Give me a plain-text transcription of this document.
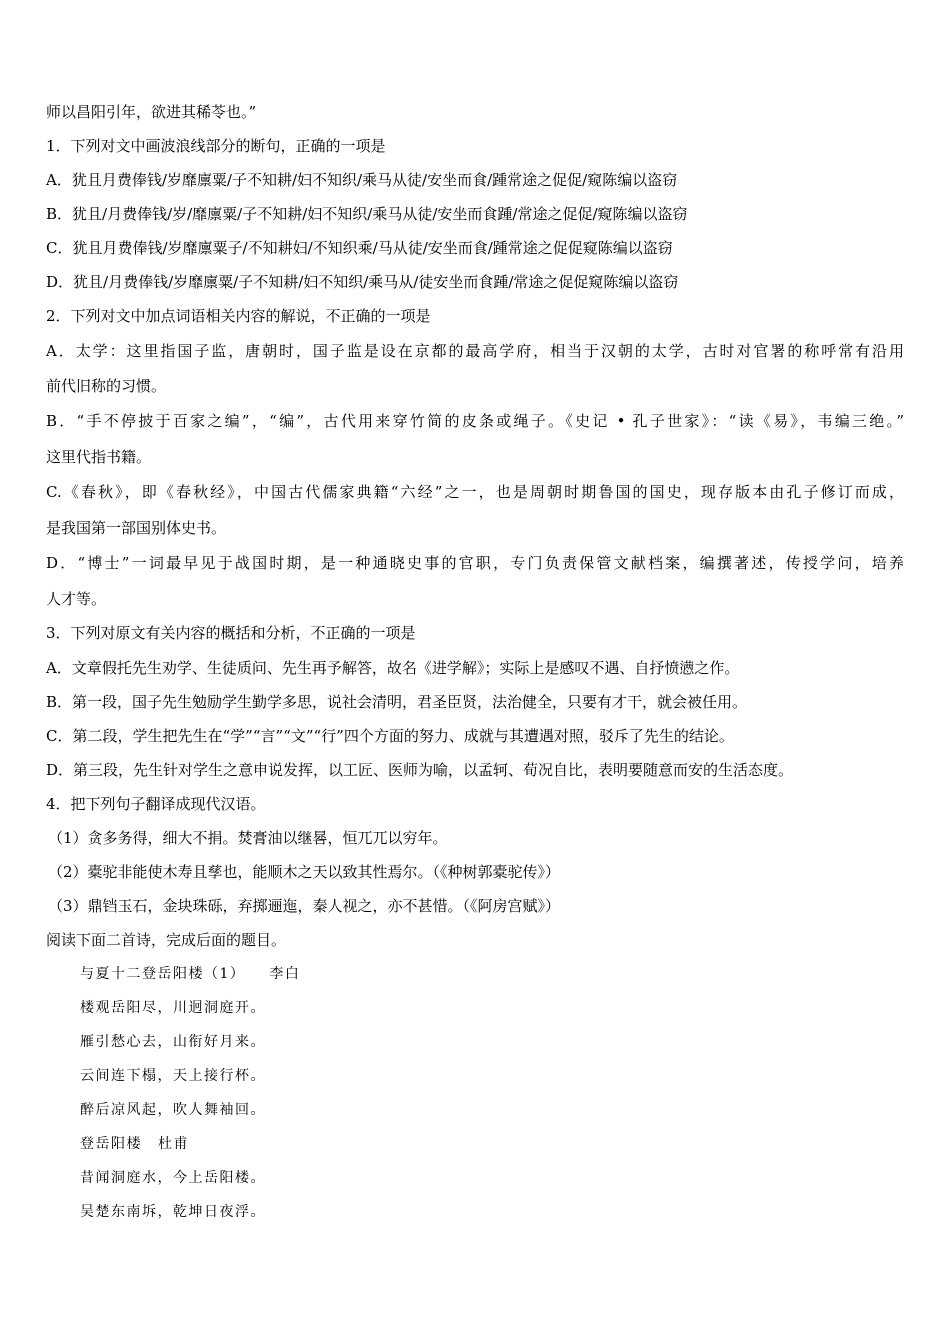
师以昌阳引年，欲进其稀苓也。”
1．下列对文中画波浪线部分的断句，正确的一项是
A．犹且月费俸钱/岁靡廪粟/子不知耕/妇不知织/乘马从徒/安坐而食/踵常途之促促/窥陈编以盗窃
B．犹且/月费俸钱/岁/靡廪粟/子不知耕/妇不知织/乘马从徒/安坐而食踵/常途之促促/窥陈编以盗窃
C．犹且月费俸钱/岁靡廪粟子/不知耕妇/不知织乘/马从徒/安坐而食/踵常途之促促窥陈编以盗窃
D．犹且/月费俸钱/岁靡廪粟/子不知耕/妇不知织/乘马从/徒安坐而食踵/常途之促促窥陈编以盗窃
2．下列对文中加点词语相关内容的解说，不正确的一项是
A．太学：这里指国子监，唐朝时，国子监是设在京都的最高学府，相当于汉朝的太学，古时对官署的称呼常有沿用
前代旧称的习惯。
B．“手不停披于百家之编”，“编”，古代用来穿竹简的皮条或绳子。《史记 • 孔子世家》：“读《易》，韦编三绝。”
这里代指书籍。
C.《春秋》，即《春秋经》，中国古代儒家典籍“六经”之一，也是周朝时期鲁国的国史，现存版本由孔子修订而成，
是我国第一部国别体史书。
D．“博士”一词最早见于战国时期，是一种通晓史事的官职，专门负责保管文献档案，编撰著述，传授学问，培养
人才等。
3．下列对原文有关内容的概括和分析，不正确的一项是
A．文章假托先生劝学、生徒质问、先生再予解答，故名《进学解》；实际上是感叹不遇、自抒愤懑之作。
B．第一段，国子先生勉励学生勤学多思，说社会清明，君圣臣贤，法治健全，只要有才干，就会被任用。
C．第二段，学生把先生在“学”“言”“文”“行”四个方面的努力、成就与其遭遇对照，驳斥了先生的结论。
D．第三段，先生针对学生之意申说发挥，以工匠、医师为喻，以孟轲、荀况自比，表明要随意而安的生活态度。
4．把下列句子翻译成现代汉语。
（1）贪多务得，细大不捐。焚膏油以继晷，恒兀兀以穷年。
（2）橐驼非能使木寿且孳也，能顺木之天以致其性焉尔。（《种树郭橐驼传》）
（3）鼎铛玉石，金块珠砾，弃掷逦迤，秦人视之，亦不甚惜。（《阿房宫赋》）
阅读下面二首诗，完成后面的题目。
与夏十二登岳阳楼（1） 李白
楼观岳阳尽，川迥洞庭开。
雁引愁心去，山衔好月来。
云间连下榻，天上接行杯。
醉后凉风起，吹人舞袖回。
登岳阳楼 杜甫
昔闻洞庭水，今上岳阳楼。
吴楚东南坼，乾坤日夜浮。
